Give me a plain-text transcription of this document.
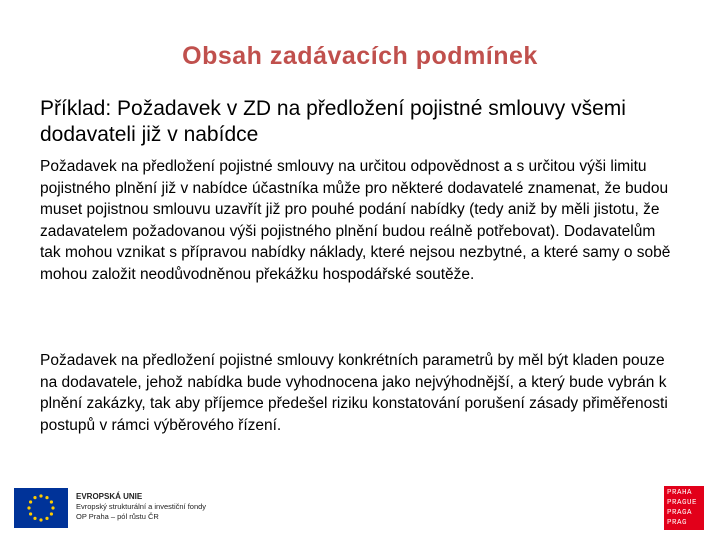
Obsah zadávacích podmínek

Příklad: Požadavek v ZD na předložení pojistné smlouvy všemi dodavateli již v nabídce

Požadavek na předložení pojistné smlouvy na určitou odpovědnost a s určitou výši limitu pojistného plnění již v nabídce účastníka může pro některé dodavatelé znamenat, že budou muset pojistnou smlouvu uzavřít již pro pouhé podání nabídky (tedy aniž by měli jistotu, že zadavatelem požadovanou výši pojistného plnění budou reálně potřebovat). Dodavatelům tak mohou vznikat s přípravou nabídky náklady, které nejsou nezbytné, a které samy o sobě mohou založit neodůvodněnou překážku hospodářské soutěže.

Požadavek na předložení pojistné smlouvy konkrétních parametrů by měl být kladen pouze na dodavatele, jehož nabídka bude vyhodnocena jako nejvýhodnější, a který bude vybrán k plnění zakázky, tak aby příjemce předešel riziku konstatování porušení zásady přiměřenosti postupů v rámci výběrového řízení.

EVROPSKÁ UNIE
Evropský strukturální a investiční fondy
OP Praha – pól růstu ČR
PRAHA
PRAGUE
PRAGA
PRAG
